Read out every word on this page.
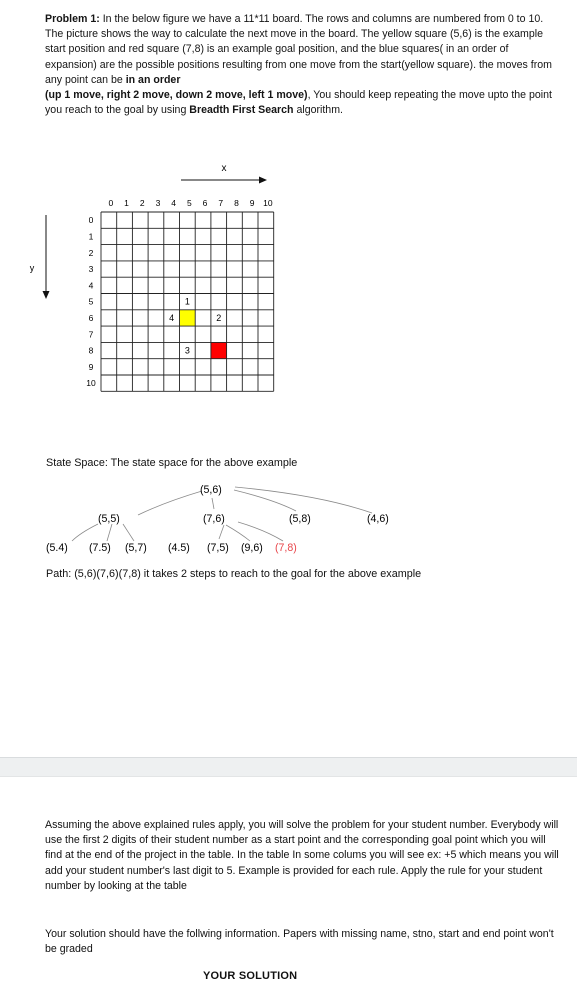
Problem 1: In the below figure we have a 11*11 board. The rows and columns are numbered from 0 to 10. The picture shows the way to calculate the next move in the board. The yellow square (5,6) is the example start position and red square (7,8) is an example goal position, and the blue squares( in an order of expansion) are the possible positions resulting from one move from the start(yellow square). the moves from any point can be in an order
(up 1 move, right 2 move, down 2 move, left 1 move), You should keep repeating the move upto the point you reach to the goal by using Breadth First Search algorithm.
x
y
1
2
3
4
0 1 2 3 4 5 6 7 8 9 10
0
1
2
3
4
5
6
7
8
9
10
State Space: The state space for the above example
(5,6)
(5,5)	(7,6)	(5,8)	(4,6)
(5.4) (7.5) (5,7) (4.5) (7,5) (9,6) (7,8)
Path: (5,6)(7,6)(7,8) it takes 2 steps to reach to the goal for the above example
Assuming the above explained rules apply, you will solve the problem for your student number. Everybody will use the first 2 digits of their student number as a start point and the corresponding goal point which you will find at the end of the project in the table. In the table In some colums you will see ex: +5 which means you will add your student number's last digit to 5. Example is provided for each rule. Apply the rule for your student number by looking at the table
Your solution should have the follwing information. Papers with missing name, stno, start and end point won't be graded
YOUR SOLUTION
